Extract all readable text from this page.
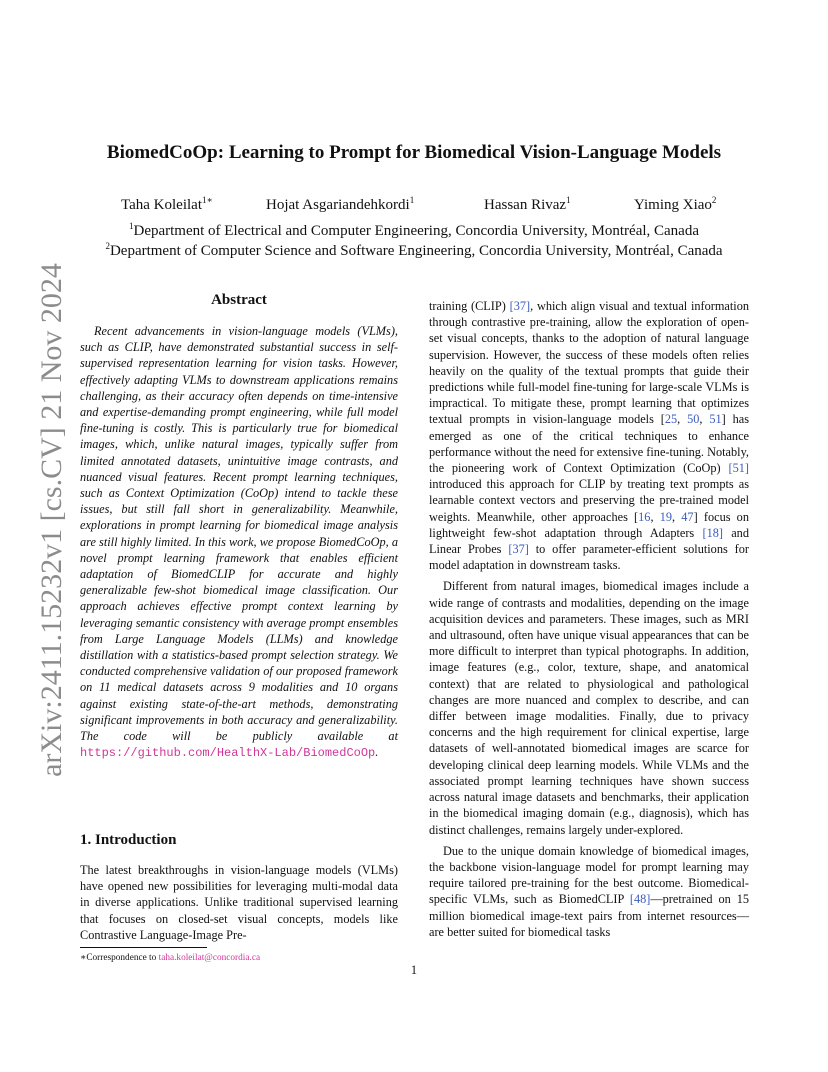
arXiv:2411.15232v1 [cs.CV] 21 Nov 2024
BiomedCoOp: Learning to Prompt for Biomedical Vision-Language Models
Taha Koleilat$^{1∗}$	Hojat Asgariandehkordi$^1$	Hassan Rivaz$^1$	Yiming Xiao$^2$
$^1$Department of Electrical and Computer Engineering, Concordia University, Montréal, Canada
$^2$Department of Computer Science and Software Engineering, Concordia University, Montréal, Canada
Abstract

Recent advancements in vision-language models (VLMs), such as CLIP, have demonstrated substantial success in self-supervised representation learning for vision tasks. However, effectively adapting VLMs to downstream applications remains challenging, as their accuracy often depends on time-intensive and expertise-demanding prompt engineering, while full model fine-tuning is costly. This is particularly true for biomedical images, which, unlike natural images, typically suffer from limited annotated datasets, unintuitive image contrasts, and nuanced visual features. Recent prompt learning techniques, such as Context Optimization (CoOp) intend to tackle these issues, but still fall short in generalizability. Meanwhile, explorations in prompt learning for biomedical image analysis are still highly limited. In this work, we propose BiomedCoOp, a novel prompt learning framework that enables efficient adaptation of BiomedCLIP for accurate and highly generalizable few-shot biomedical image classification. Our approach achieves effective prompt context learning by leveraging semantic consistency with average prompt ensembles from Large Language Models (LLMs) and knowledge distillation with a statistics-based prompt selection strategy. We conducted comprehensive validation of our proposed framework on 11 medical datasets across 9 modalities and 10 organs against existing state-of-the-art methods, demonstrating significant improvements in both accuracy and generalizability. The code will be publicly available at https://github.com/HealthX-Lab/BiomedCoOp.

1. Introduction

The latest breakthroughs in vision-language models (VLMs) have opened new possibilities for leveraging multi-modal data in diverse applications. Unlike traditional supervised learning that focuses on closed-set visual concepts, models like Contrastive Language-Image Pre-

∗Correspondence to taha.koleilat@concordia.ca

training (CLIP) [37], which align visual and textual information through contrastive pre-training, allow the exploration of open-set visual concepts, thanks to the adoption of natural language supervision. However, the success of these models often relies heavily on the quality of the textual prompts that guide their predictions while full-model fine-tuning for large-scale VLMs is impractical. To mitigate these, prompt learning that optimizes textual prompts in vision-language models [25, 50, 51] has emerged as one of the critical techniques to enhance performance without the need for extensive fine-tuning. Notably, the pioneering work of Context Optimization (CoOp) [51] introduced this approach for CLIP by treating text prompts as learnable context vectors and preserving the pre-trained model weights. Meanwhile, other approaches [16, 19, 47] focus on lightweight few-shot adaptation through Adapters [18] and Linear Probes [37] to offer parameter-efficient solutions for model adaptation in downstream tasks.

Different from natural images, biomedical images include a wide range of contrasts and modalities, depending on the image acquisition devices and parameters. These images, such as MRI and ultrasound, often have unique visual appearances that can be more difficult to interpret than typical photographs. In addition, image features (e.g., color, texture, shape, and anatomical context) that are related to physiological and pathological changes are more nuanced and complex to describe, and can differ between image modalities. Finally, due to privacy concerns and the high requirement for clinical expertise, large datasets of well-annotated biomedical images are scarce for developing clinical deep learning models. While VLMs and the associated prompt learning techniques have shown success across natural image datasets and benchmarks, their application in the biomedical imaging domain (e.g., diagnosis), which has distinct challenges, remains largely under-explored.

Due to the unique domain knowledge of biomedical images, the backbone vision-language model for prompt learning may require tailored pre-training for the best outcome. Biomedical-specific VLMs, such as BiomedCLIP [48]—pretrained on 15 million biomedical image-text pairs from internet resources—are better suited for biomedical tasks

1
